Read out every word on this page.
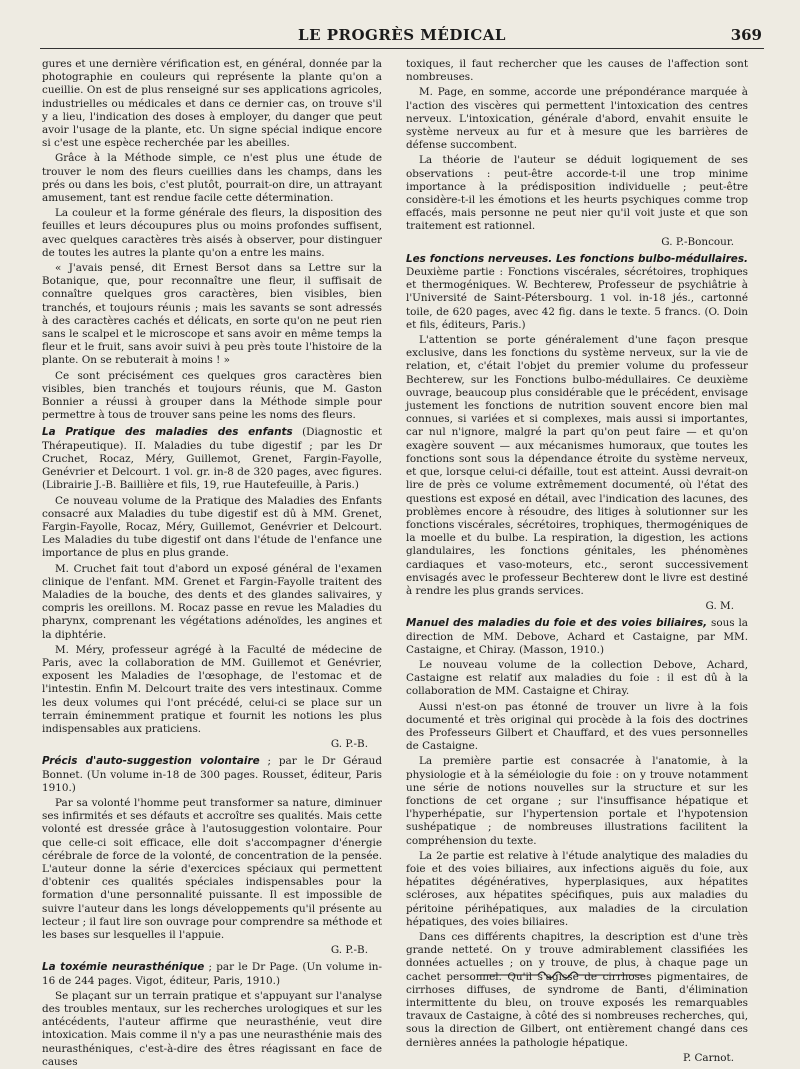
LE PROGRÈS MÉDICAL	369

gures et une dernière vérification est, en général, donnée par la photographie en couleurs qui représente la plante qu'on a cueillie. On est de plus renseigné sur ses applications agricoles, industrielles ou médicales et dans ce dernier cas, on trouve s'il y a lieu, l'indication des doses à employer, du danger que peut avoir l'usage de la plante, etc. Un signe spécial indique encore si c'est une espèce recherchée par les abeilles.

Grâce à la Méthode simple, ce n'est plus une étude de trouver le nom des fleurs cueillies dans les champs, dans les prés ou dans les bois, c'est plutôt, pourrait-on dire, un attrayant amusement, tant est rendue facile cette détermination.

La couleur et la forme générale des fleurs, la disposition des feuilles et leurs découpures plus ou moins profondes suffisent, avec quelques caractères très aisés à observer, pour distinguer de toutes les autres la plante qu'on a entre les mains.

« J'avais pensé, dit Ernest Bersot dans sa Lettre sur la Botanique, que, pour reconnaître une fleur, il suffisait de connaître quelques gros caractères, bien visibles, bien tranchés, et toujours réunis ; mais les savants se sont adressés à des caractères cachés et délicats, en sorte qu'on ne peut rien sans le scalpel et le microscope et sans avoir en même temps la fleur et le fruit, sans avoir suivi à peu près toute l'histoire de la plante. On se rebuterait à moins ! »

Ce sont précisément ces quelques gros caractères bien visibles, bien tranchés et toujours réunis, que M. Gaston Bonnier a réussi à grouper dans la Méthode simple pour permettre à tous de trouver sans peine les noms des fleurs.

La Pratique des maladies des enfants (Diagnostic et Thérapeutique). II. Maladies du tube digestif ; par les Dr Cruchet, Rocaz, Méry, Guillemot, Grenet, Fargin-Fayolle, Genévrier et Delcourt. 1 vol. gr. in-8 de 320 pages, avec figures. (Librairie J.-B. Baillière et fils, 19, rue Hautefeuille, à Paris.)

Ce nouveau volume de la Pratique des Maladies des Enfants consacré aux Maladies du tube digestif est dû à MM. Grenet, Fargin-Fayolle, Rocaz, Méry, Guillemot, Genévrier et Delcourt. Les Maladies du tube digestif ont dans l'étude de l'enfance une importance de plus en plus grande.

M. Cruchet fait tout d'abord un exposé général de l'examen clinique de l'enfant. MM. Grenet et Fargin-Fayolle traitent des Maladies de la bouche, des dents et des glandes salivaires, y compris les oreillons. M. Rocaz passe en revue les Maladies du pharynx, comprenant les végétations adénoïdes, les angines et la diphtérie.

M. Méry, professeur agrégé à la Faculté de médecine de Paris, avec la collaboration de MM. Guillemot et Genévrier, exposent les Maladies de l'œsophage, de l'estomac et de l'intestin. Enfin M. Delcourt traite des vers intestinaux. Comme les deux volumes qui l'ont précédé, celui-ci se place sur un terrain éminemment pratique et fournit les notions les plus indispensables aux praticiens.

G. P.-B.

Précis d'auto-suggestion volontaire ; par le Dr Géraud Bonnet. (Un volume in-18 de 300 pages. Rousset, éditeur, Paris 1910.)

Par sa volonté l'homme peut transformer sa nature, diminuer ses infirmités et ses défauts et accroître ses qualités. Mais cette volonté est dressée grâce à l'autosuggestion volontaire. Pour que celle-ci soit efficace, elle doit s'accompagner d'énergie cérébrale de force de la volonté, de concentration de la pensée. L'auteur donne la série d'exercices spéciaux qui permettent d'obtenir ces qualités spéciales indispensables pour la formation d'une personnalité puissante. Il est impossible de suivre l'auteur dans les longs développements qu'il présente au lecteur ; il faut lire son ouvrage pour comprendre sa méthode et les bases sur lesquelles il l'appuie.

G. P.-B.

La toxémie neurasthénique ; par le Dr Page. (Un volume in-16 de 244 pages. Vigot, éditeur, Paris, 1910.)

Se plaçant sur un terrain pratique et s'appuyant sur l'analyse des troubles mentaux, sur les recherches urologiques et sur les antécédents, l'auteur affirme que neurasthénie, veut dire intoxication. Mais comme il n'y a pas une neurasthénie mais des neurasthéniques, c'est-à-dire des êtres réagissant en face de causes

toxiques, il faut rechercher que les causes de l'affection sont nombreuses.

M. Page, en somme, accorde une prépondérance marquée à l'action des viscères qui permettent l'intoxication des centres nerveux. L'intoxication, générale d'abord, envahit ensuite le système nerveux au fur et à mesure que les barrières de défense succombent.

La théorie de l'auteur se déduit logiquement de ses observations : peut-être accorde-t-il une trop minime importance à la prédisposition individuelle ; peut-être considère-t-il les émotions et les heurts psychiques comme trop effacés, mais personne ne peut nier qu'il voit juste et que son traitement est rationnel.

G. P.-Boncour.

Les fonctions nerveuses. Les fonctions bulbo-médullaires. Deuxième partie : Fonctions viscérales, sécrétoires, trophiques et thermogéniques. W. Bechterew, Professeur de psychiâtrie à l'Université de Saint-Pétersbourg. 1 vol. in-18 jés., cartonné toile, de 620 pages, avec 42 fig. dans le texte. 5 francs. (O. Doin et fils, éditeurs, Paris.)

L'attention se porte généralement d'une façon presque exclusive, dans les fonctions du système nerveux, sur la vie de relation, et, c'était l'objet du premier volume du professeur Bechterew, sur les Fonctions bulbo-médullaires. Ce deuxième ouvrage, beaucoup plus considérable que le précédent, envisage justement les fonctions de nutrition souvent encore bien mal connues, si variées et si complexes, mais aussi si importantes, car nul n'ignore, malgré la part qu'on peut faire — et qu'on exagère souvent — aux mécanismes humoraux, que toutes les fonctions sont sous la dépendance étroite du système nerveux, et que, lorsque celui-ci défaille, tout est atteint. Aussi devrait-on lire de près ce volume extrêmement documenté, où l'état des questions est exposé en détail, avec l'indication des lacunes, des problèmes encore à résoudre, des litiges à solutionner sur les fonctions viscérales, sécrétoires, trophiques, thermogéniques de la moelle et du bulbe. La respiration, la digestion, les actions glandulaires, les fonctions génitales, les phénomènes cardiaques et vaso-moteurs, etc., seront successivement envisagés avec le professeur Bechterew dont le livre est destiné à rendre les plus grands services.

G. M.

Manuel des maladies du foie et des voies biliaires, sous la direction de MM. Debove, Achard et Castaigne, par MM. Castaigne, et Chiray. (Masson, 1910.)

Le nouveau volume de la collection Debove, Achard, Castaigne est relatif aux maladies du foie : il est dû à la collaboration de MM. Castaigne et Chiray.

Aussi n'est-on pas étonné de trouver un livre à la fois documenté et très original qui procède à la fois des doctrines des Professeurs Gilbert et Chauffard, et des vues personnelles de Castaigne.

La première partie est consacrée à l'anatomie, à la physiologie et à la séméiologie du foie : on y trouve notamment une série de notions nouvelles sur la structure et sur les fonctions de cet organe ; sur l'insuffisance hépatique et l'hyperhépatie, sur l'hypertension portale et l'hypotension sushépatique ; de nombreuses illustrations facilitent la compréhension du texte.

La 2e partie est relative à l'étude analytique des maladies du foie et des voies biliaires, aux infections aiguës du foie, aux hépatites dégénératives, hyperplasiques, aux hépatites scléroses, aux hépatites spécifiques, puis aux maladies du péritoine périhépatiques, aux maladies de la circulation hépatiques, des voies biliaires.

Dans ces différents chapitres, la description est d'une très grande netteté. On y trouve admirablement classifiées les données actuelles ; on y trouve, de plus, à chaque page un cachet personnel. Qu'il s'agisse de cirrhoses pigmentaires, de cirrhoses diffuses, de syndrome de Banti, d'élimination intermittente du bleu, on trouve exposés les remarquables travaux de Castaigne, à côté des si nombreuses recherches, qui, sous la direction de Gilbert, ont entièrement changé dans ces dernières années la pathologie hépatique.

P. Carnot.
